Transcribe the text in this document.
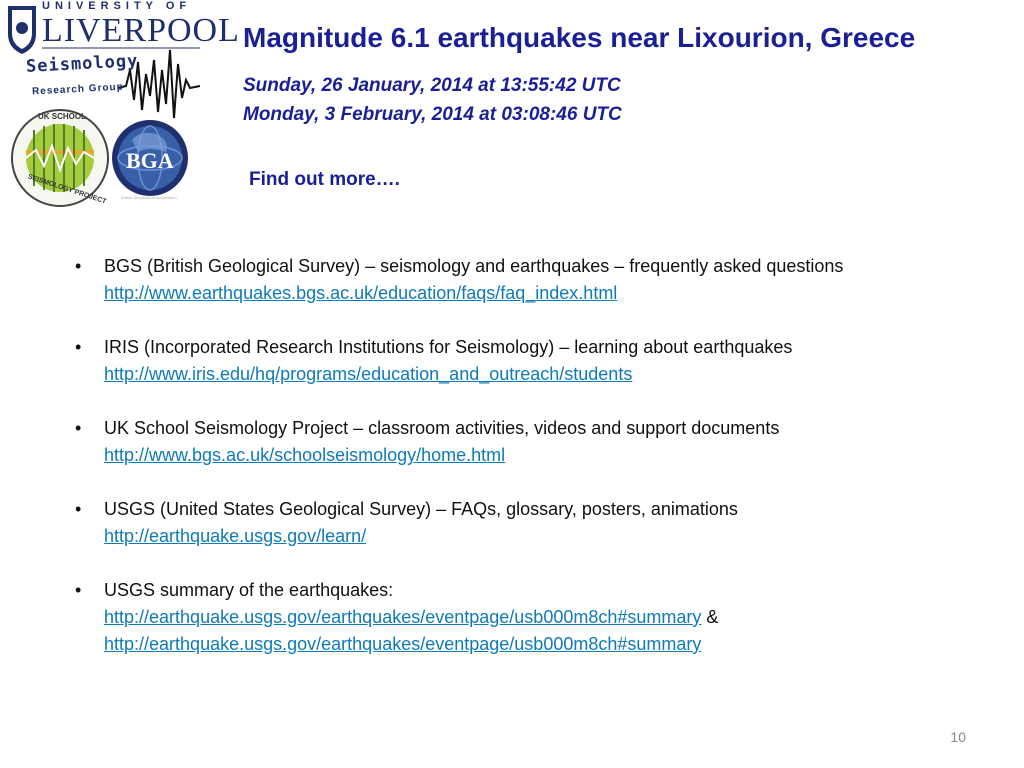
UNIVERSITY OF
LIVERPOOL
Seismology
Research Group
UK SCHOOL
SEISMOLOGY PROJECT
BGA
British Geophysical Association
Magnitude 6.1 earthquakes near Lixourion, Greece
Sunday, 26 January, 2014 at 13:55:42 UTC
Monday, 3 February, 2014 at 03:08:46 UTC
Find out more….
• BGS (British Geological Survey) – seismology and earthquakes – frequently asked questions http://www.earthquakes.bgs.ac.uk/education/faqs/faq_index.html
• IRIS (Incorporated Research Institutions for Seismology) – learning about earthquakes
http://www.iris.edu/hq/programs/education_and_outreach/students
• UK School Seismology Project – classroom activities, videos and support documents
http://www.bgs.ac.uk/schoolseismology/home.html
• USGS (United States Geological Survey) – FAQs, glossary, posters, animations
http://earthquake.usgs.gov/learn/
• USGS summary of the earthquakes:
http://earthquake.usgs.gov/earthquakes/eventpage/usb000m8ch#summary &
http://earthquake.usgs.gov/earthquakes/eventpage/usb000m8ch#summary
10
